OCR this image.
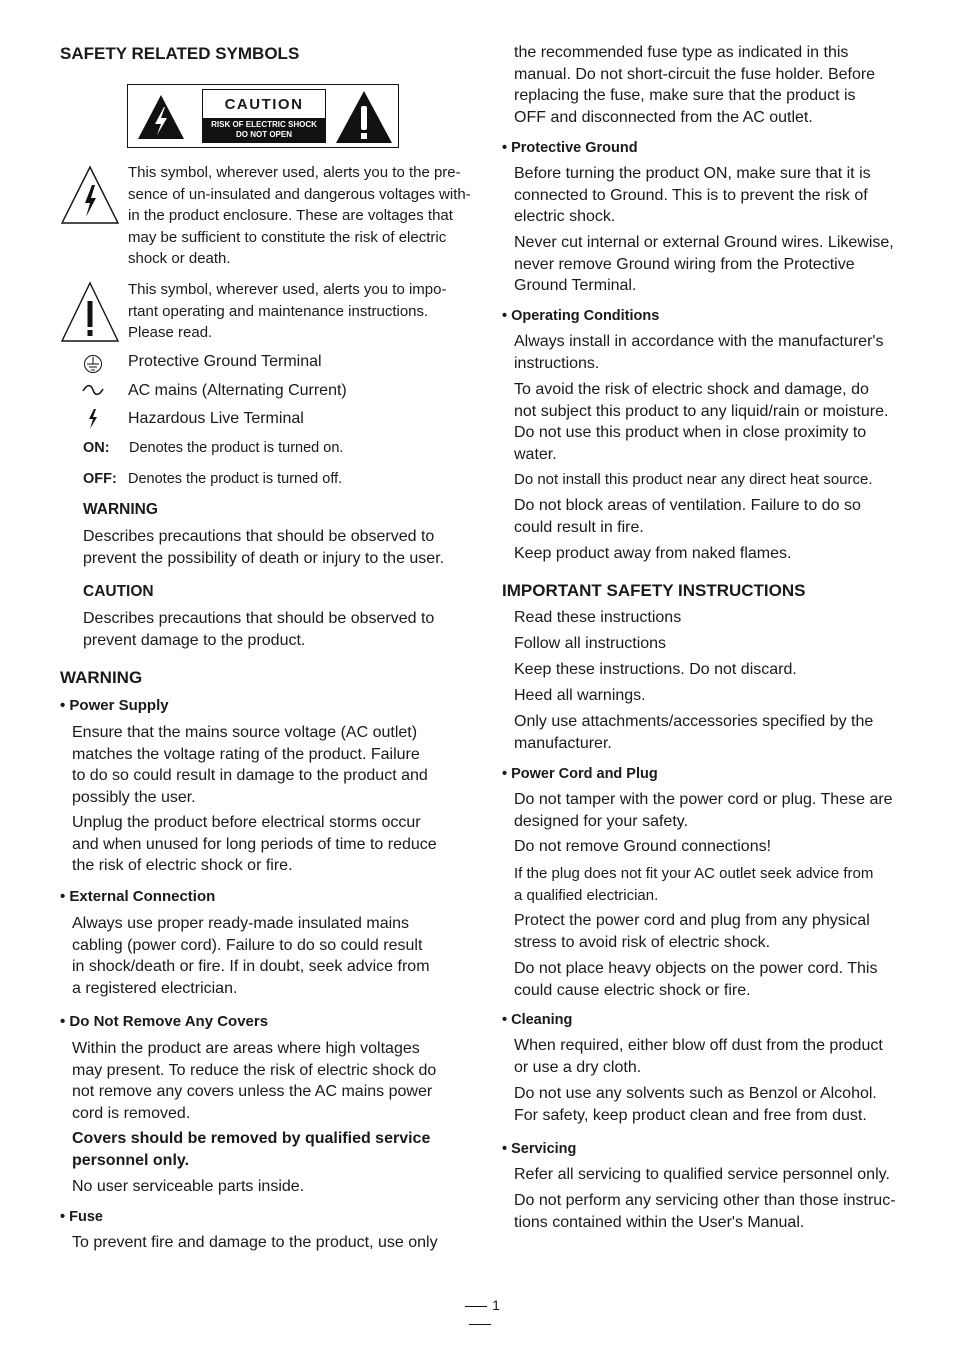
SAFETY RELATED SYMBOLS
CAUTION
RISK OF ELECTRIC SHOCK
DO NOT OPEN
This symbol, wherever used, alerts you to the pre-
sence of un-insulated and dangerous voltages with-
in the product enclosure. These are voltages that
may be sufficient to constitute the risk of electric
shock or death.
This symbol, wherever used, alerts you to impo-
rtant operating and maintenance instructions.
Please read.
Protective Ground Terminal
AC mains (Alternating Current)
Hazardous Live Terminal
ON: Denotes the product is turned on.
OFF: Denotes the product is turned off.
WARNING
Describes precautions that should be observed to
prevent the possibility of death or injury to the user.
CAUTION
Describes precautions that should be observed to
prevent damage to the product.
WARNING
• Power Supply
Ensure that the mains source voltage (AC outlet)
matches the voltage rating of the product. Failure
to do so could result in damage to the product and
possibly the user.
Unplug the product before electrical storms occur
and when unused for long periods of time to reduce
the risk of electric shock or fire.
• External Connection
Always use proper ready-made insulated mains
cabling (power cord). Failure to do so could result
in shock/death or fire. If in doubt, seek advice from
a registered electrician.
• Do Not Remove Any Covers
Within the product are areas where high voltages
may present. To reduce the risk of electric shock do
not remove any covers unless the AC mains power
cord is removed.
Covers should be removed by qualified service
personnel only.
No user serviceable parts inside.
• Fuse
To prevent fire and damage to the product, use only
the recommended fuse type as indicated in this
manual. Do not short-circuit the fuse holder. Before
replacing the fuse, make sure that the product is
OFF and disconnected from the AC outlet.
• Protective Ground
Before turning the product ON, make sure that it is
connected to Ground. This is to prevent the risk of
electric shock.
Never cut internal or external Ground wires. Likewise,
never remove Ground wiring from the Protective
Ground Terminal.
• Operating Conditions
Always install in accordance with the manufacturer's
instructions.
To avoid the risk of electric shock and damage, do
not subject this product to any liquid/rain or moisture.
Do not use this product when in close proximity to
water.
Do not install this product near any direct heat source.
Do not block areas of ventilation. Failure to do so
could result in fire.
Keep product away from naked flames.
IMPORTANT SAFETY INSTRUCTIONS
Read these instructions
Follow all instructions
Keep these instructions. Do not discard.
Heed all warnings.
Only use attachments/accessories specified by the
manufacturer.
• Power Cord and Plug
Do not tamper with the power cord or plug. These are
designed for your safety.
Do not remove Ground connections!
If the plug does not fit your AC outlet seek advice from
a qualified electrician.
Protect the power cord and plug from any physical
stress to avoid risk of electric shock.
Do not place heavy objects on the power cord. This
could cause electric shock or fire.
• Cleaning
When required, either blow off dust from the product
or use a dry cloth.
Do not use any solvents such as Benzol or Alcohol.
For safety, keep product clean and free from dust.
• Servicing
Refer all servicing to qualified service personnel only.
Do not perform any servicing other than those instruc-
tions contained within the User's Manual.
1
